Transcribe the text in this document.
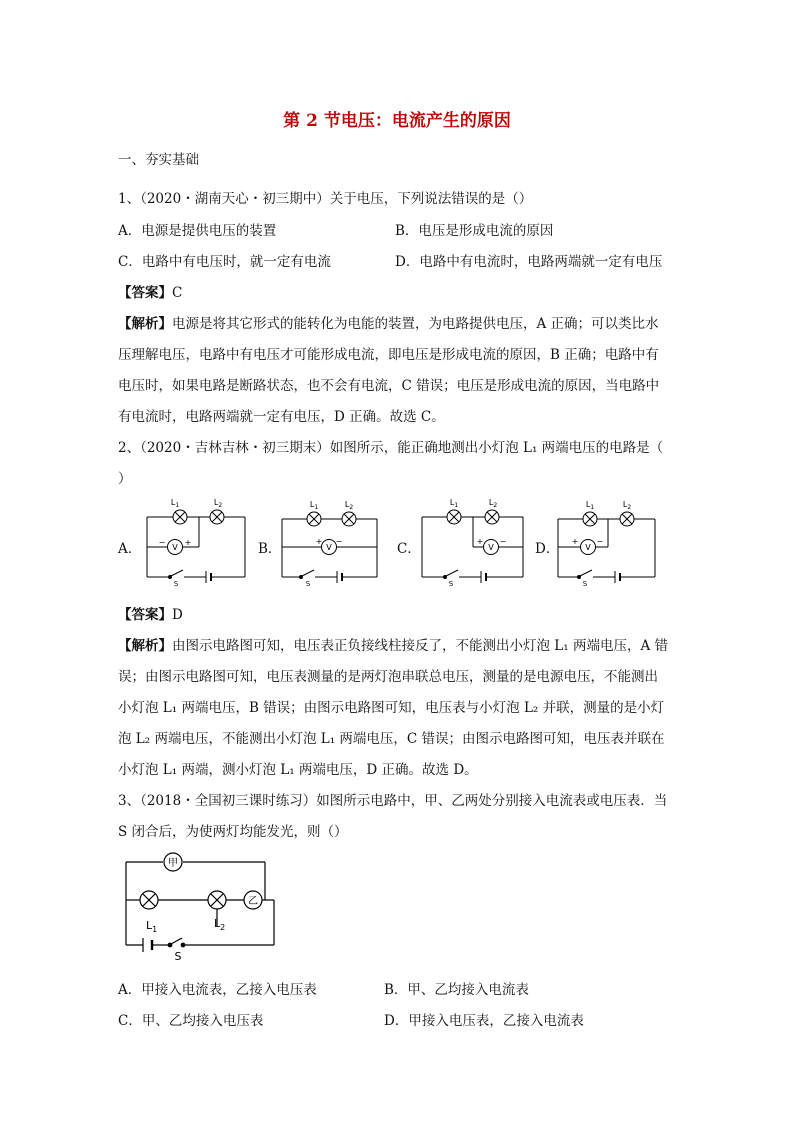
第 2 节电压：电流产生的原因
一、夯实基础
1、（2020・湖南天心・初三期中）关于电压，下列说法错误的是（）
A．电源是提供电压的装置	B．电压是形成电流的原因
C．电路中有电压时，就一定有电流	D．电路中有电流时，电路两端就一定有电压
【答案】C
【解析】电源是将其它形式的能转化为电能的装置，为电路提供电压，A 正确；可以类比水
压理解电压，电路中有电压才可能形成电流，即电压是形成电流的原因，B 正确；电路中有
电压时，如果电路是断路状态，也不会有电流，C 错误；电压是形成电流的原因，当电路中
有电流时，电路两端就一定有电压，D 正确。故选 C。
2、（2020・吉林吉林・初三期末）如图所示，能正确地测出小灯泡 L₁ 两端电压的电路是（
）
A．	B．	C．	D．
$L_1$	$L_2$
V
− +
S
$L_1$	$L_2$
V
+ −
S
$L_1$	$L_2$
V
+ −
S
$L_1$	$L_2$
V
+ −
S
【答案】D
【解析】由图示电路图可知，电压表正负接线柱接反了，不能测出小灯泡 L₁ 两端电压，A 错
误；由图示电路图可知，电压表测量的是两灯泡串联总电压，测量的是电源电压，不能测出
小灯泡 L₁ 两端电压，B 错误；由图示电路图可知，电压表与小灯泡 L₂ 并联，测量的是小灯
泡 L₂ 两端电压，不能测出小灯泡 L₁ 两端电压，C 错误；由图示电路图可知，电压表并联在
小灯泡 L₁ 两端，测小灯泡 L₁ 两端电压，D 正确。故选 D。
3、（2018・全国初三课时练习）如图所示电路中，甲、乙两处分别接入电流表或电压表．当
S 闭合后，为使两灯均能发光，则（）
甲
乙
$L_1$	$L_2$
S
A．甲接入电流表，乙接入电压表	B．甲、乙均接入电流表
C．甲、乙均接入电压表	D．甲接入电压表，乙接入电流表
